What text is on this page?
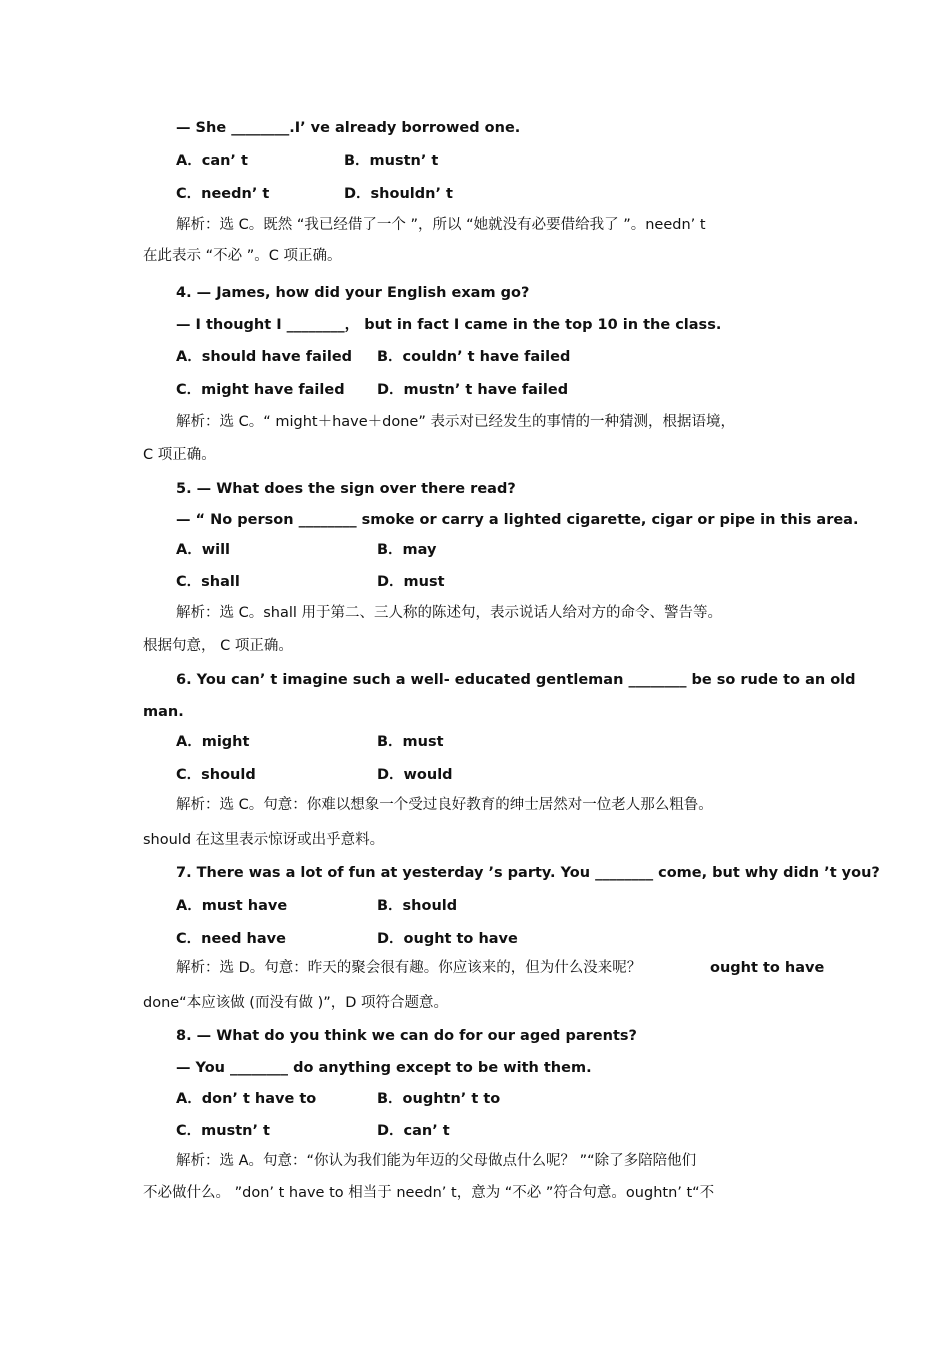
— She ________.I’ ve already borrowed one.
A．can’ t	B．mustn’ t
C．needn’ t	D．shouldn’ t
解析：选 C。既然 “我已经借了一个 ”，所以 “她就没有必要借给我了 ”。needn’ t
在此表示 “不必 ”。C 项正确。
4. — James, how did your English exam go?
— I thought I ________， but in fact I came in the top 10 in the class.
A．should have failed B．couldn’ t have failed
C．might have failed D．mustn’ t have failed
解析：选 C。“ might＋have＋done” 表示对已经发生的事情的一种猜测，根据语境，
C 项正确。
5. — What does the sign over there read?
— “ No person ________ smoke or carry a lighted cigarette, cigar or pipe in this area.
A．will	B．may
C．shall	D．must
解析：选 C。shall 用于第二、三人称的陈述句，表示说话人给对方的命令、警告等。
根据句意， C 项正确。
6. You can’ t imagine such a well- educated gentleman ________ be so rude to an old
man.
A．might	B．must
C．should	D．would
解析：选 C。句意：你难以想象一个受过良好教育的绅士居然对一位老人那么粗鲁。
should 在这里表示惊讶或出乎意料。
7. There was a lot of fun at yesterday ’s party. You ________ come, but why didn ’t you?
A．must have	B．should
C．need have	D．ought to have
解析：选 D。句意：昨天的聚会很有趣。你应该来的，但为什么没来呢？	ought to have
done“本应该做 (而没有做 )”，D 项符合题意。
8. — What do you think we can do for our aged parents?
— You ________ do anything except to be with them.
A．don’ t have to	B．oughtn’ t to
C．mustn’ t	D．can’ t
解析：选 A。句意：“你认为我们能为年迈的父母做点什么呢？ ”“除了多陪陪他们
不必做什么。 ”don’ t have to 相当于 needn’ t，意为 “不必 ”符合句意。oughtn’ t“不
